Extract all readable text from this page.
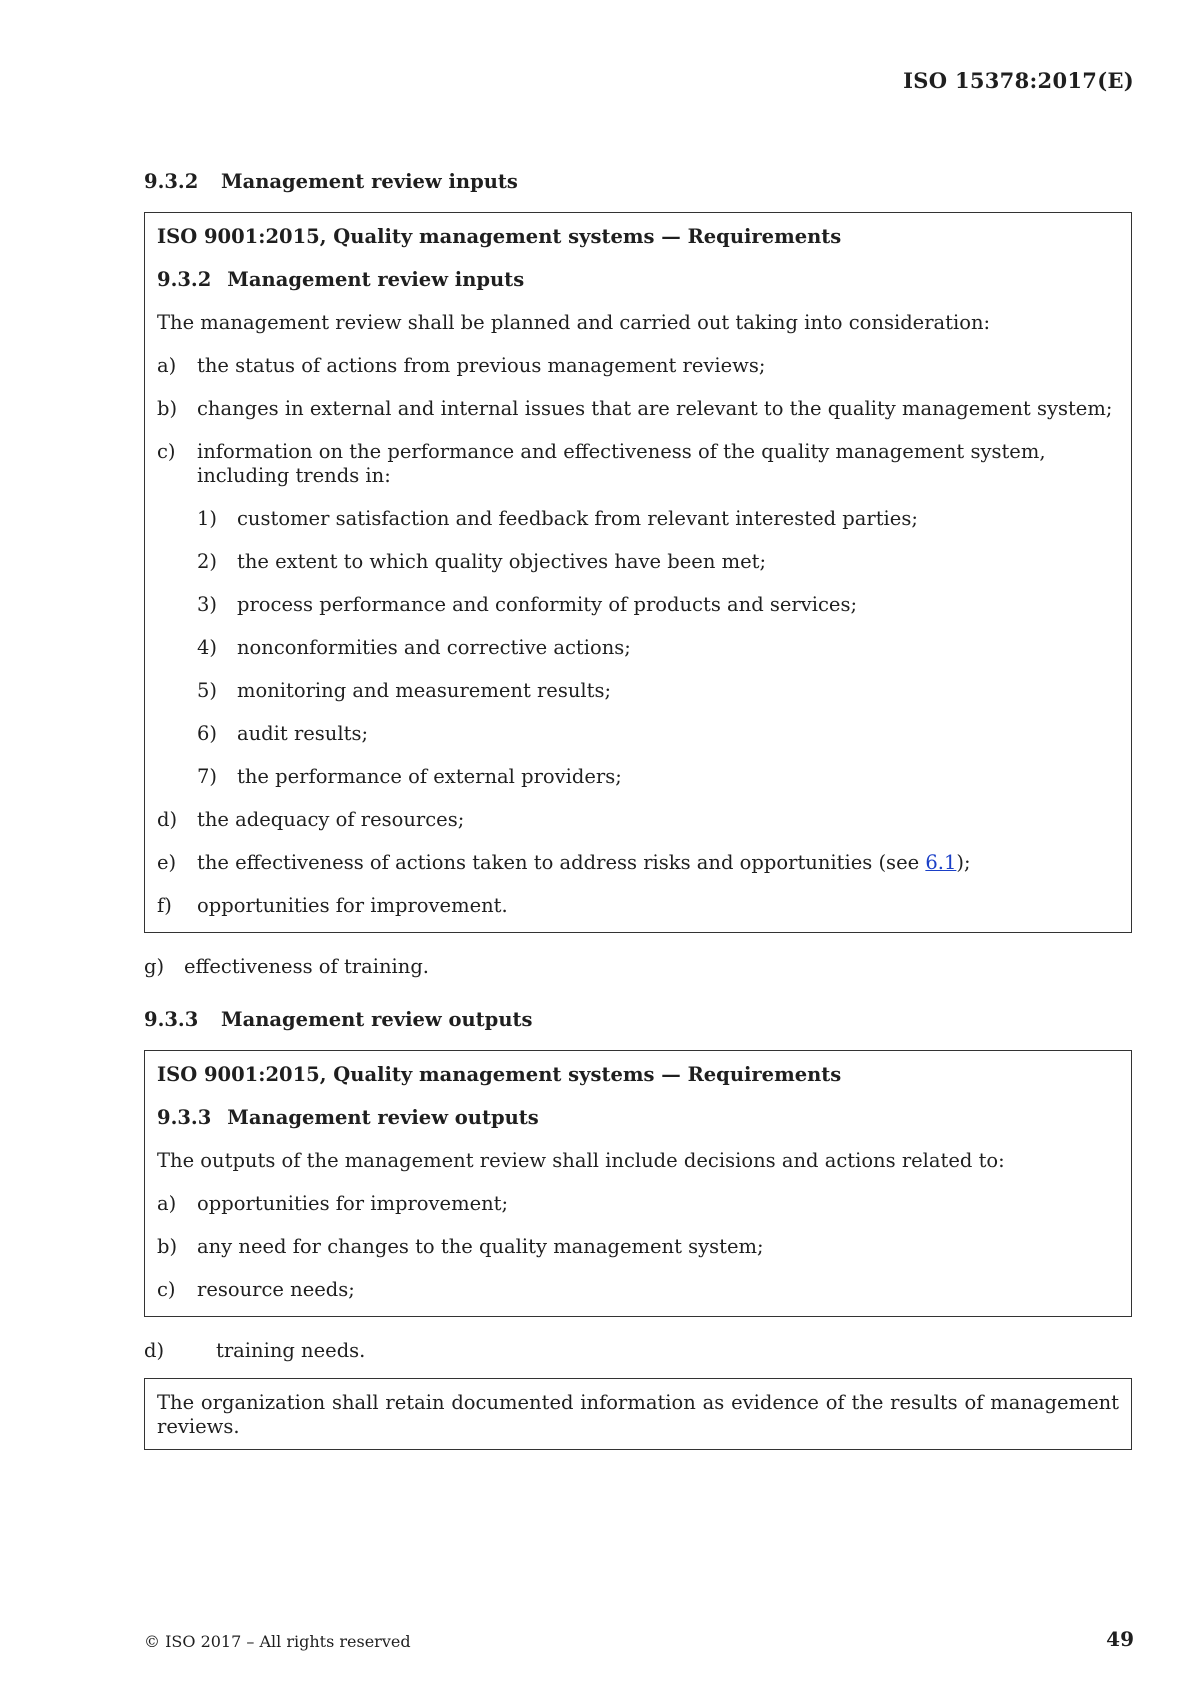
ISO 15378:2017(E)
9.3.2 Management review inputs
ISO 9001:2015, Quality management systems — Requirements
9.3.2 Management review inputs
The management review shall be planned and carried out taking into consideration:
a)	the status of actions from previous management reviews;
b)	changes in external and internal issues that are relevant to the quality management system;
c)	information on the performance and effectiveness of the quality management system, including trends in:
1)	customer satisfaction and feedback from relevant interested parties;
2)	the extent to which quality objectives have been met;
3)	process performance and conformity of products and services;
4)	nonconformities and corrective actions;
5)	monitoring and measurement results;
6)	audit results;
7)	the performance of external providers;
d)	the adequacy of resources;
e)	the effectiveness of actions taken to address risks and opportunities (see 6.1);
f)	opportunities for improvement.
g)	effectiveness of training.
9.3.3 Management review outputs
ISO 9001:2015, Quality management systems — Requirements
9.3.3 Management review outputs
The outputs of the management review shall include decisions and actions related to:
a)	opportunities for improvement;
b)	any need for changes to the quality management system;
c)	resource needs;
d)	training needs.
The organization shall retain documented information as evidence of the results of management reviews.
© ISO 2017 – All rights reserved	49
